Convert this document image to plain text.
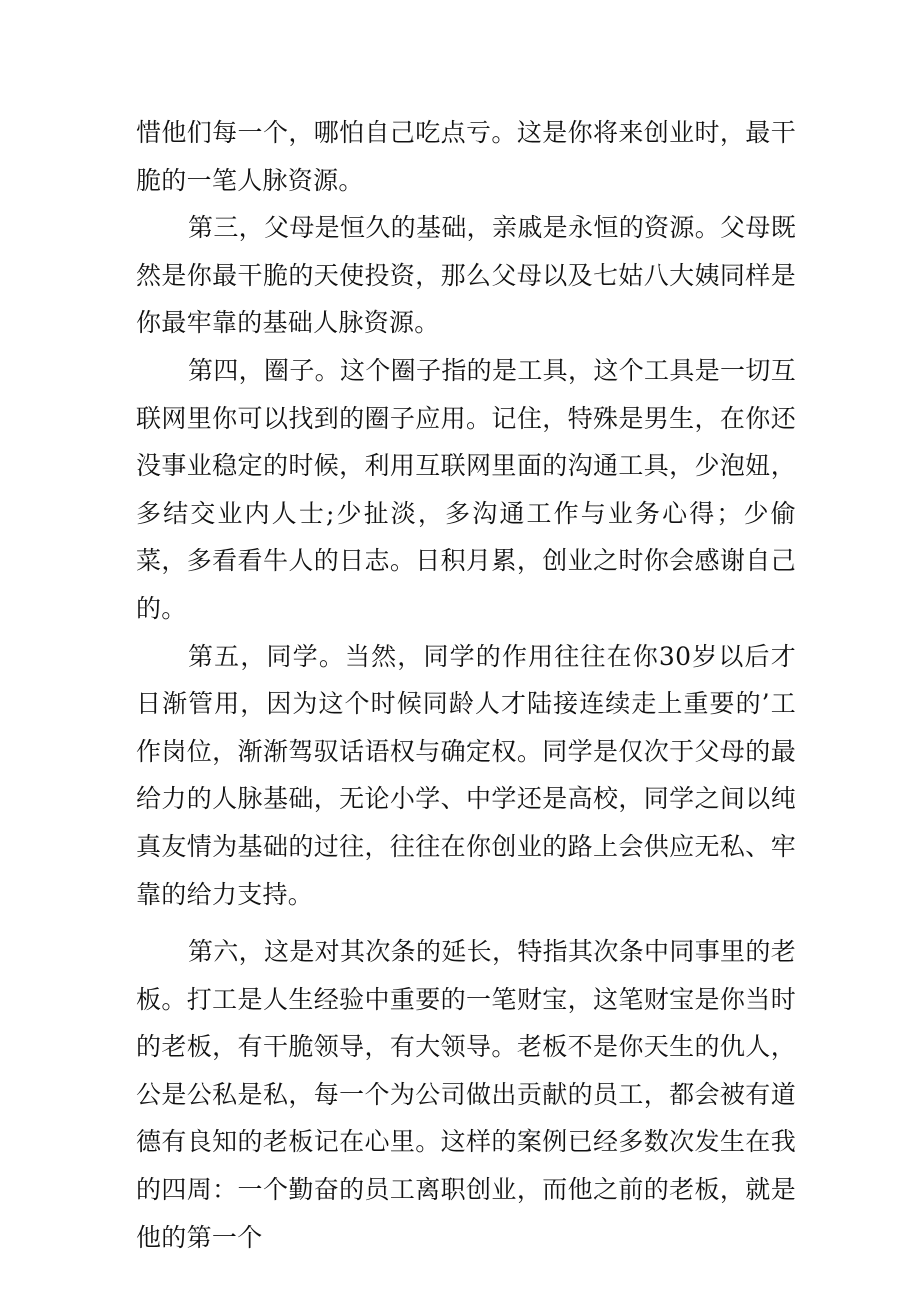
惜他们每一个，哪怕自己吃点亏。这是你将来创业时，最干脆的一笔人脉资源。

第三，父母是恒久的基础，亲戚是永恒的资源。父母既然是你最干脆的天使投资，那么父母以及七姑八大姨同样是你最牢靠的基础人脉资源。

第四，圈子。这个圈子指的是工具，这个工具是一切互联网里你可以找到的圈子应用。记住，特殊是男生，在你还没事业稳定的时候，利用互联网里面的沟通工具，少泡妞，多结交业内人士;少扯淡，多沟通工作与业务心得；少偷菜，多看看牛人的日志。日积月累，创业之时你会感谢自己的。

第五，同学。当然，同学的作用往往在你30岁以后才日渐管用，因为这个时候同龄人才陆接连续走上重要的’工作岗位，渐渐驾驭话语权与确定权。同学是仅次于父母的最给力的人脉基础，无论小学、中学还是高校，同学之间以纯真友情为基础的过往，往往在你创业的路上会供应无私、牢靠的给力支持。

第六，这是对其次条的延长，特指其次条中同事里的老板。打工是人生经验中重要的一笔财宝，这笔财宝是你当时的老板，有干脆领导，有大领导。老板不是你天生的仇人，公是公私是私，每一个为公司做出贡献的员工，都会被有道德有良知的老板记在心里。这样的案例已经多数次发生在我的四周：一个勤奋的员工离职创业，而他之前的老板，就是他的第一个
